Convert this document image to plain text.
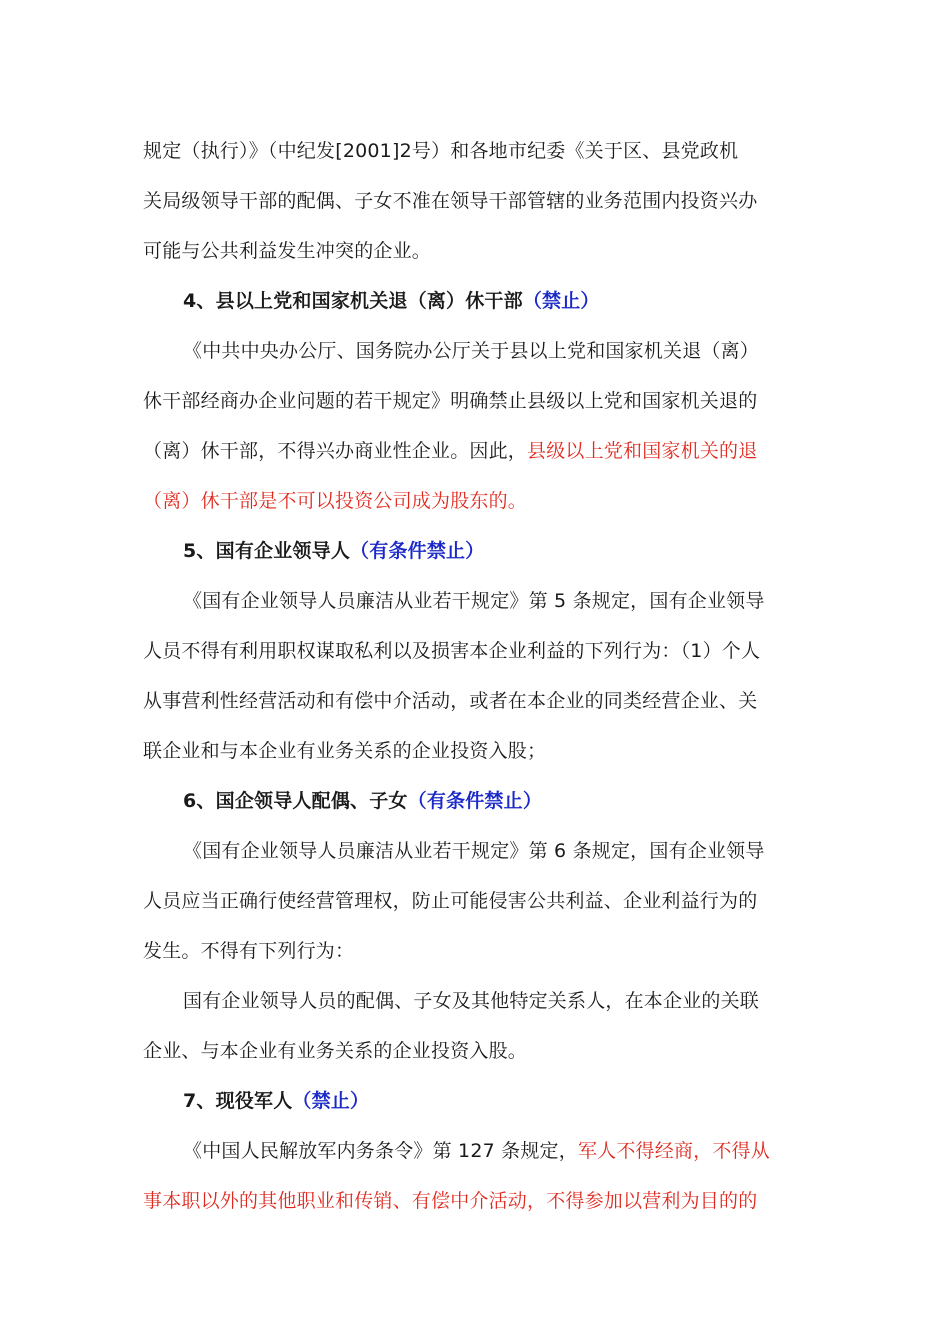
规定（执行）》（中纪发[2001]2号）和各地市纪委《关于区、县党政机
关局级领导干部的配偶、子女不准在领导干部管辖的业务范围内投资兴办
可能与公共利益发生冲突的企业。
4、县以上党和国家机关退（离）休干部（禁止）
《中共中央办公厅、国务院办公厅关于县以上党和国家机关退（离）
休干部经商办企业问题的若干规定》明确禁止县级以上党和国家机关退的
（离）休干部，不得兴办商业性企业。因此，县级以上党和国家机关的退
（离）休干部是不可以投资公司成为股东的。
5、国有企业领导人（有条件禁止）
《国有企业领导人员廉洁从业若干规定》第 5 条规定，国有企业领导
人员不得有利用职权谋取私利以及损害本企业利益的下列行为：（1）个人
从事营利性经营活动和有偿中介活动，或者在本企业的同类经营企业、关
联企业和与本企业有业务关系的企业投资入股；
6、国企领导人配偶、子女（有条件禁止）
《国有企业领导人员廉洁从业若干规定》第 6 条规定，国有企业领导
人员应当正确行使经营管理权，防止可能侵害公共利益、企业利益行为的
发生。不得有下列行为：
国有企业领导人员的配偶、子女及其他特定关系人，在本企业的关联
企业、与本企业有业务关系的企业投资入股。
7、现役军人（禁止）
《中国人民解放军内务条令》第 127 条规定，军人不得经商，不得从
事本职以外的其他职业和传销、有偿中介活动，不得参加以营利为目的的
